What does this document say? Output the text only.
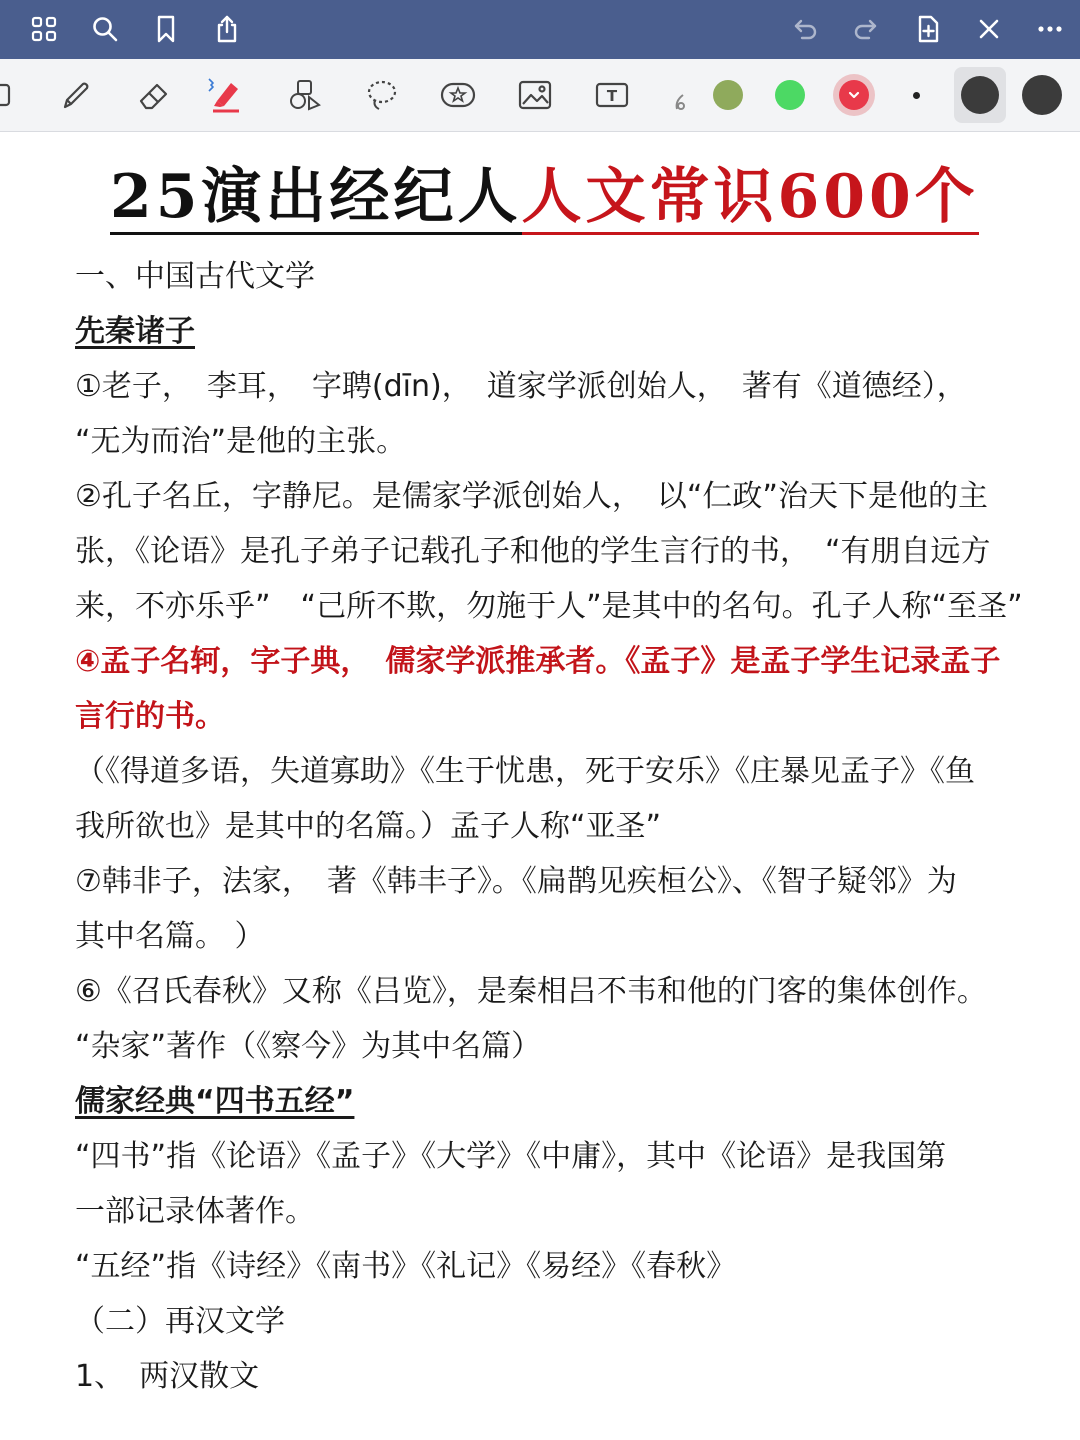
T
25演出经纪人人文常识600个
一、中国古代文学
先秦诸子
①老子，　李耳，　字聘(dīn)，　道家学派创始人，　著有《道德经），
“无为而治”是他的主张。
②孔子名丘，字静尼。是儒家学派创始人，　以“仁政”治天下是他的主
张，《论语》是孔子弟子记载孔子和他的学生言行的书，　“有朋自远方
来，不亦乐乎”　“己所不欺，勿施于人”是其中的名句。孔子人称“至圣”
④孟子名轲，字子典，　儒家学派推承者。《孟子》是孟子学生记录孟子
言行的书。
（《得道多语，失道寡助》《生于忧患，死于安乐》《庄暴见孟子》《鱼
我所欲也》是其中的名篇。）孟子人称“亚圣”
⑦韩非子，法家，　著《韩丰子》。《扁鹊见疾桓公》、《智子疑邻》为
其中名篇。 ）
⑥《召氏春秋》又称《吕览》，是秦相吕不韦和他的门客的集体创作。
“杂家”著作（《察今》为其中名篇）
儒家经典“四书五经”
“四书”指《论语》《孟子》《大学》《中庸》，其中《论语》是我国第
一部记录体著作。
“五经”指《诗经》《南书》《礼记》《易经》《春秋》
（二）再汉文学
1、　两汉散文
